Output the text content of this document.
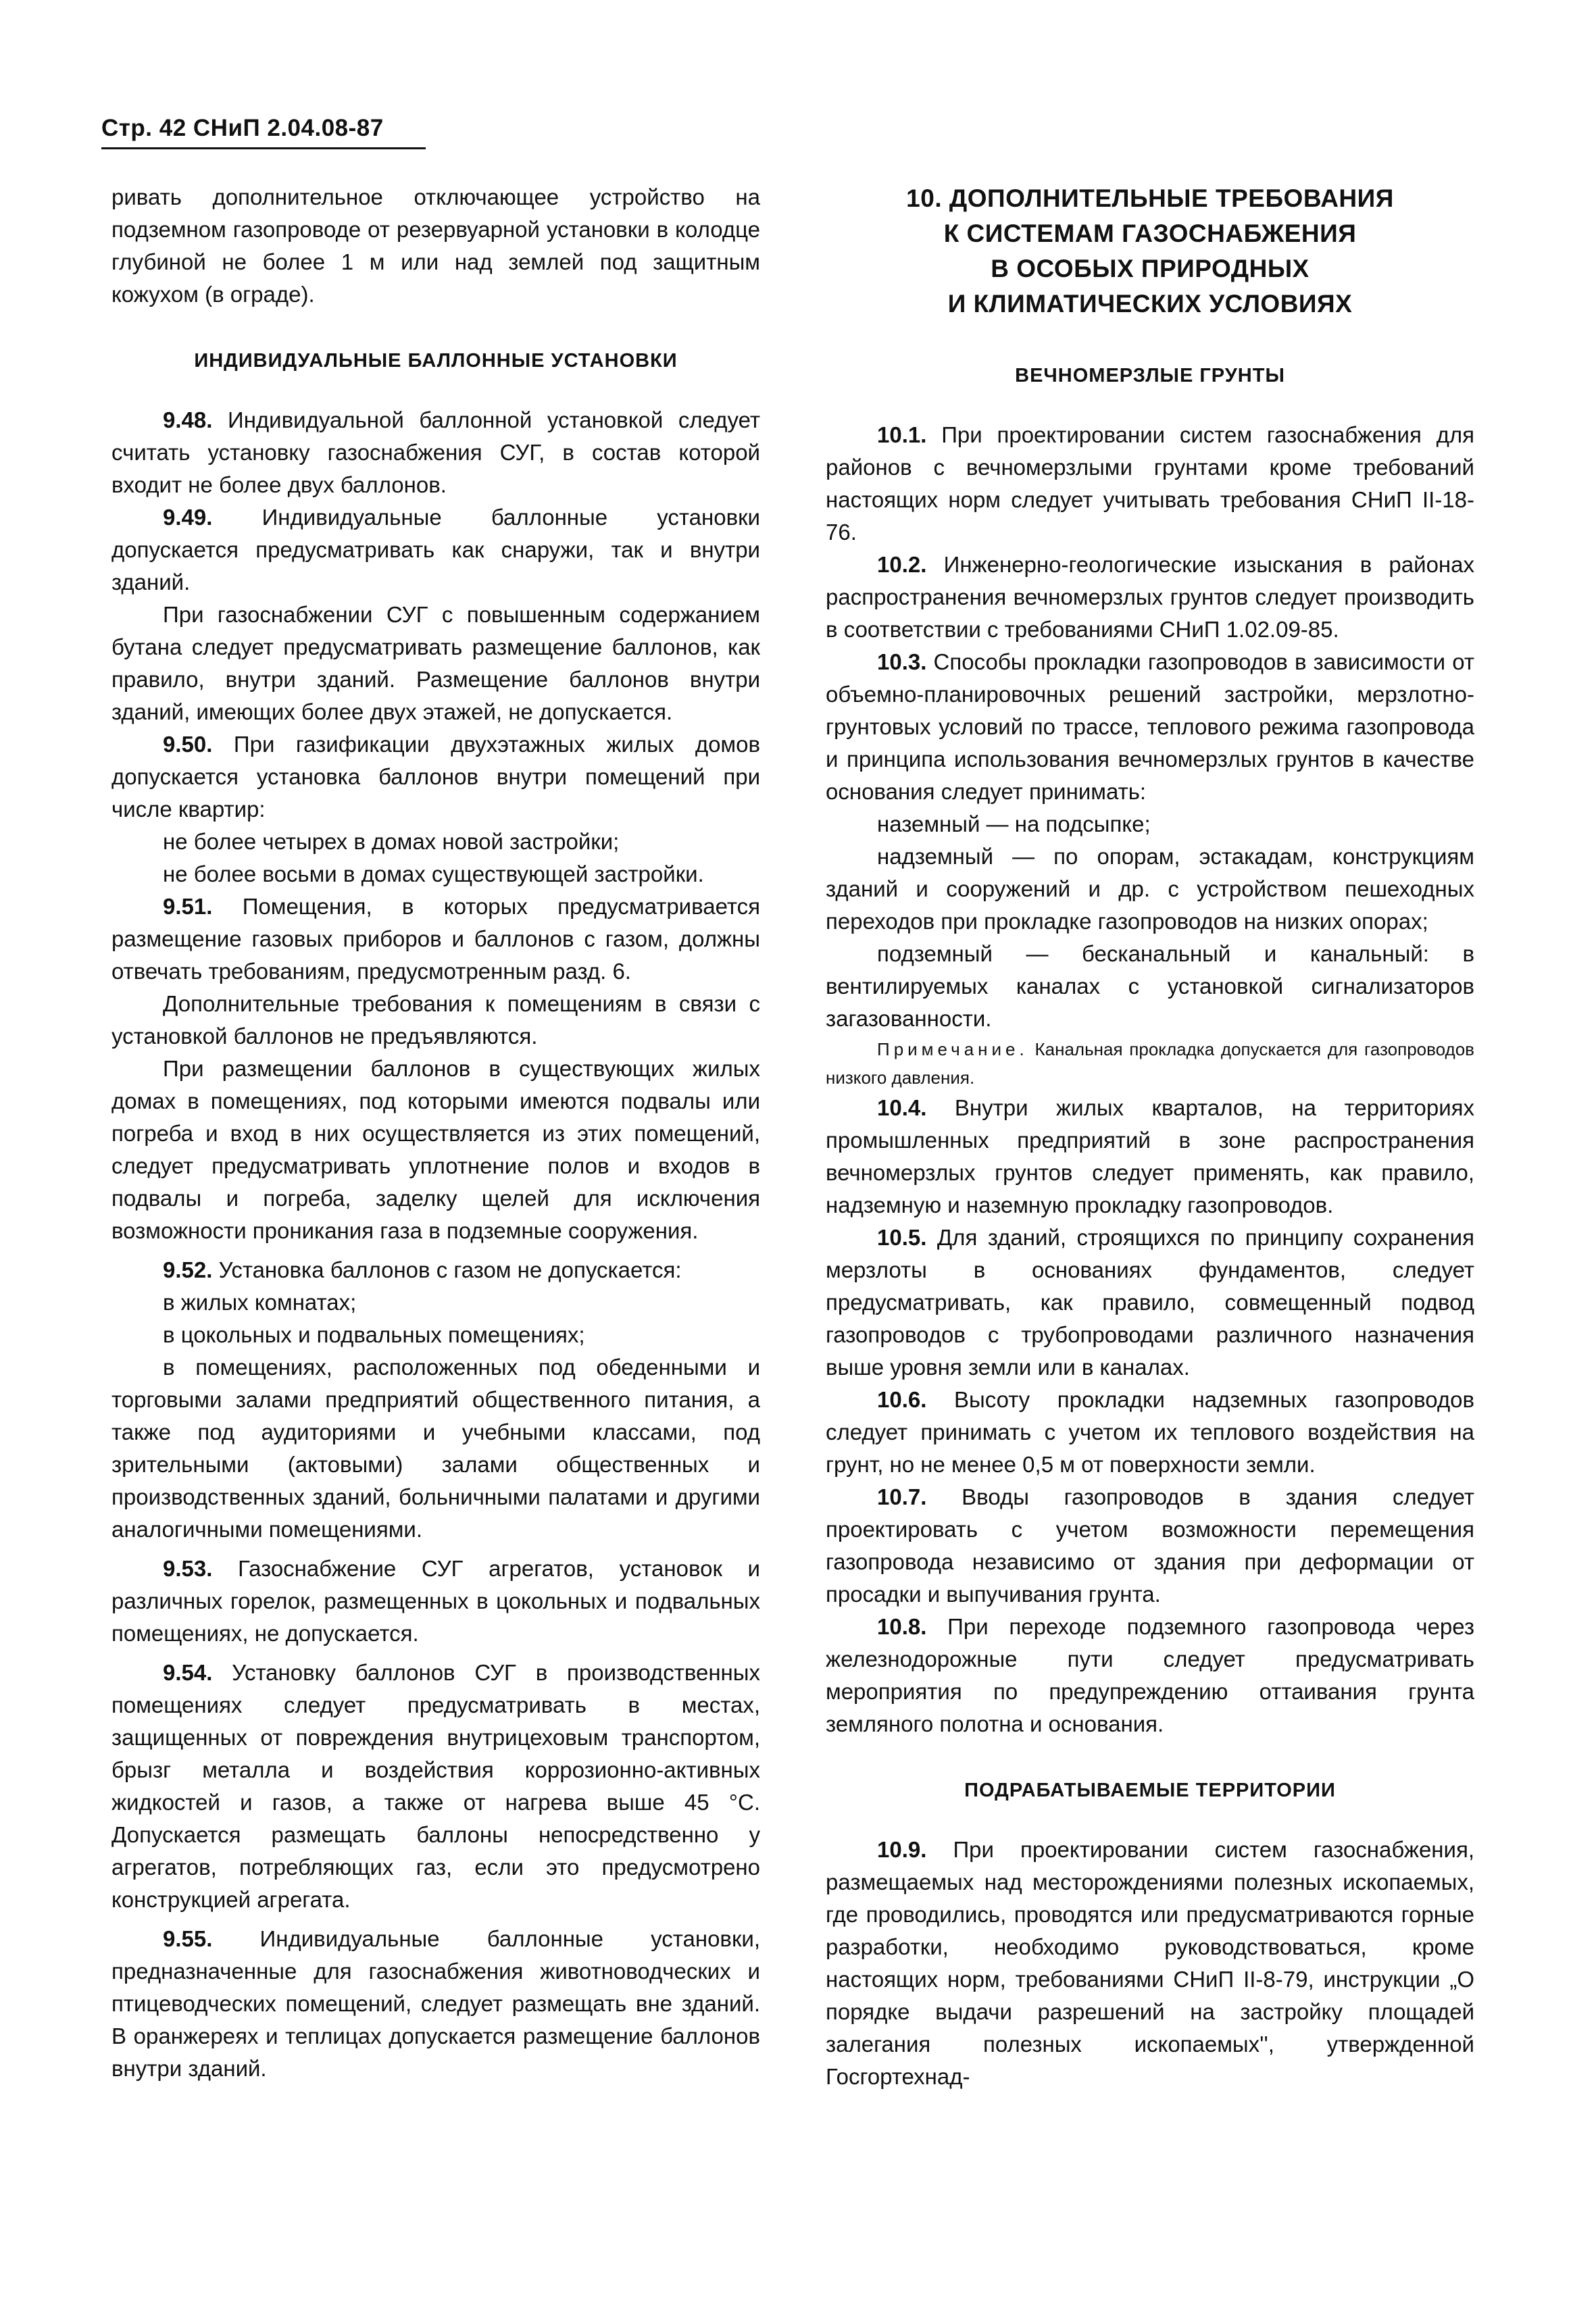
Стр. 42 СНиП 2.04.08-87

ривать дополнительное отключающее устройство на подземном газопроводе от резервуарной установки в колодце глубиной не более 1 м или над землей под защитным кожухом (в ограде).

ИНДИВИДУАЛЬНЫЕ БАЛЛОННЫЕ УСТАНОВКИ

9.48. Индивидуальной баллонной установкой следует считать установку газоснабжения СУГ, в состав которой входит не более двух баллонов.

9.49. Индивидуальные баллонные установки допускается предусматривать как снаружи, так и внутри зданий.

При газоснабжении СУГ с повышенным содержанием бутана следует предусматривать размещение баллонов, как правило, внутри зданий. Размещение баллонов внутри зданий, имеющих более двух этажей, не допускается.

9.50. При газификации двухэтажных жилых домов допускается установка баллонов внутри помещений при числе квартир:

не более четырех в домах новой застройки;

не более восьми в домах существующей застройки.

9.51. Помещения, в которых предусматривается размещение газовых приборов и баллонов с газом, должны отвечать требованиям, предусмотренным разд. 6.

Дополнительные требования к помещениям в связи с установкой баллонов не предъявляются.

При размещении баллонов в существующих жилых домах в помещениях, под которыми имеются подвалы или погреба и вход в них осуществляется из этих помещений, следует предусматривать уплотнение полов и входов в подвалы и погреба, заделку щелей для исключения возможности проникания газа в подземные сооружения.

9.52. Установка баллонов с газом не допускается:

в жилых комнатах;

в цокольных и подвальных помещениях;

в помещениях, расположенных под обеденными и торговыми залами предприятий общественного питания, а также под аудиториями и учебными классами, под зрительными (актовыми) залами общественных и производственных зданий, больничными палатами и другими аналогичными помещениями.

9.53. Газоснабжение СУГ агрегатов, установок и различных горелок, размещенных в цокольных и подвальных помещениях, не допускается.

9.54. Установку баллонов СУГ в производственных помещениях следует предусматривать в местах, защищенных от повреждения внутрицеховым транспортом, брызг металла и воздействия коррозионно-активных жидкостей и газов, а также от нагрева выше 45 °С. Допускается размещать баллоны непосредственно у агрегатов, потребляющих газ, если это предусмотрено конструкцией агрегата.

9.55. Индивидуальные баллонные установки, предназначенные для газоснабжения животноводческих и птицеводческих помещений, следует размещать вне зданий. В оранжереях и теплицах допускается размещение баллонов внутри зданий.

10. ДОПОЛНИТЕЛЬНЫЕ ТРЕБОВАНИЯ
К СИСТЕМАМ ГАЗОСНАБЖЕНИЯ
В ОСОБЫХ ПРИРОДНЫХ
И КЛИМАТИЧЕСКИХ УСЛОВИЯХ
ВЕЧНОМЕРЗЛЫЕ ГРУНТЫ

10.1. При проектировании систем газоснабжения для районов с вечномерзлыми грунтами кроме требований настоящих норм следует учитывать требования СНиП II-18-76.

10.2. Инженерно-геологические изыскания в районах распространения вечномерзлых грунтов следует производить в соответствии с требованиями СНиП 1.02.09-85.

10.3. Способы прокладки газопроводов в зависимости от объемно-планировочных решений застройки, мерзлотно-грунтовых условий по трассе, теплового режима газопровода и принципа использования вечномерзлых грунтов в качестве основания следует принимать:

наземный — на подсыпке;

надземный — по опорам, эстакадам, конструкциям зданий и сооружений и др. с устройством пешеходных переходов при прокладке газопроводов на низких опорах;

подземный — бесканальный и канальный: в вентилируемых каналах с установкой сигнализаторов загазованности.

Примечание. Канальная прокладка допускается для газопроводов низкого давления.

10.4. Внутри жилых кварталов, на территориях промышленных предприятий в зоне распространения вечномерзлых грунтов следует применять, как правило, надземную и наземную прокладку газопроводов.

10.5. Для зданий, строящихся по принципу сохранения мерзлоты в основаниях фундаментов, следует предусматривать, как правило, совмещенный подвод газопроводов с трубопроводами различного назначения выше уровня земли или в каналах.

10.6. Высоту прокладки надземных газопроводов следует принимать с учетом их теплового воздействия на грунт, но не менее 0,5 м от поверхности земли.

10.7. Вводы газопроводов в здания следует проектировать с учетом возможности перемещения газопровода независимо от здания при деформации от просадки и выпучивания грунта.

10.8. При переходе подземного газопровода через железнодорожные пути следует предусматривать мероприятия по предупреждению оттаивания грунта земляного полотна и основания.

ПОДРАБАТЫВАЕМЫЕ ТЕРРИТОРИИ

10.9. При проектировании систем газоснабжения, размещаемых над месторождениями полезных ископаемых, где проводились, проводятся или предусматриваются горные разработки, необходимо руководствоваться, кроме настоящих норм, требованиями СНиП II-8-79, инструкции „О порядке выдачи разрешений на застройку площадей залегания полезных ископаемых'', утвержденной Госгортехнад-
